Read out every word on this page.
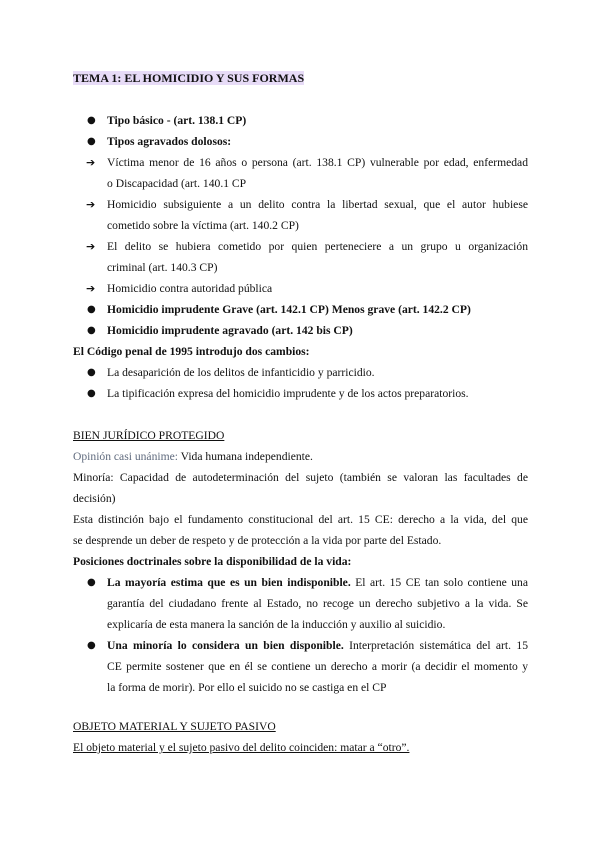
TEMA 1: EL HOMICIDIO Y SUS FORMAS
● Tipo básico - (art. 138.1 CP)
● Tipos agravados dolosos:
➔	Víctima menor de 16 años o persona (art. 138.1 CP) vulnerable por edad, enfermedad
o Discapacidad (art. 140.1 CP
➔	Homicidio subsiguiente a un delito contra la libertad sexual, que el autor hubiese
cometido sobre la víctima (art. 140.2 CP)
➔	El delito se hubiera cometido por quien perteneciere a un grupo u organización
criminal (art. 140.3 CP)
➔	Homicidio contra autoridad pública
● Homicidio imprudente Grave (art. 142.1 CP) Menos grave (art. 142.2 CP)
● Homicidio imprudente agravado (art. 142 bis CP)
El Código penal de 1995 introdujo dos cambios:
● La desaparición de los delitos de infanticidio y parricidio.
● La tipificación expresa del homicidio imprudente y de los actos preparatorios.
BIEN JURÍDICO PROTEGIDO
Opinión casi unánime: Vida humana independiente.
Minoría: Capacidad de autodeterminación del sujeto (también se valoran las facultades de
decisión)
Esta distinción bajo el fundamento constitucional del art. 15 CE: derecho a la vida, del que
se desprende un deber de respeto y de protección a la vida por parte del Estado.
Posiciones doctrinales sobre la disponibilidad de la vida:
● La mayoría estima que es un bien indisponible. El art. 15 CE tan solo contiene una
garantía del ciudadano frente al Estado, no recoge un derecho subjetivo a la vida. Se
explicaría de esta manera la sanción de la inducción y auxilio al suicidio.
● Una minoría lo considera un bien disponible. Interpretación sistemática del art. 15
CE permite sostener que en él se contiene un derecho a morir (a decidir el momento y
la forma de morir). Por ello el suicido no se castiga en el CP
OBJETO MATERIAL Y SUJETO PASIVO
El objeto material y el sujeto pasivo del delito coinciden: matar a “otro”.
